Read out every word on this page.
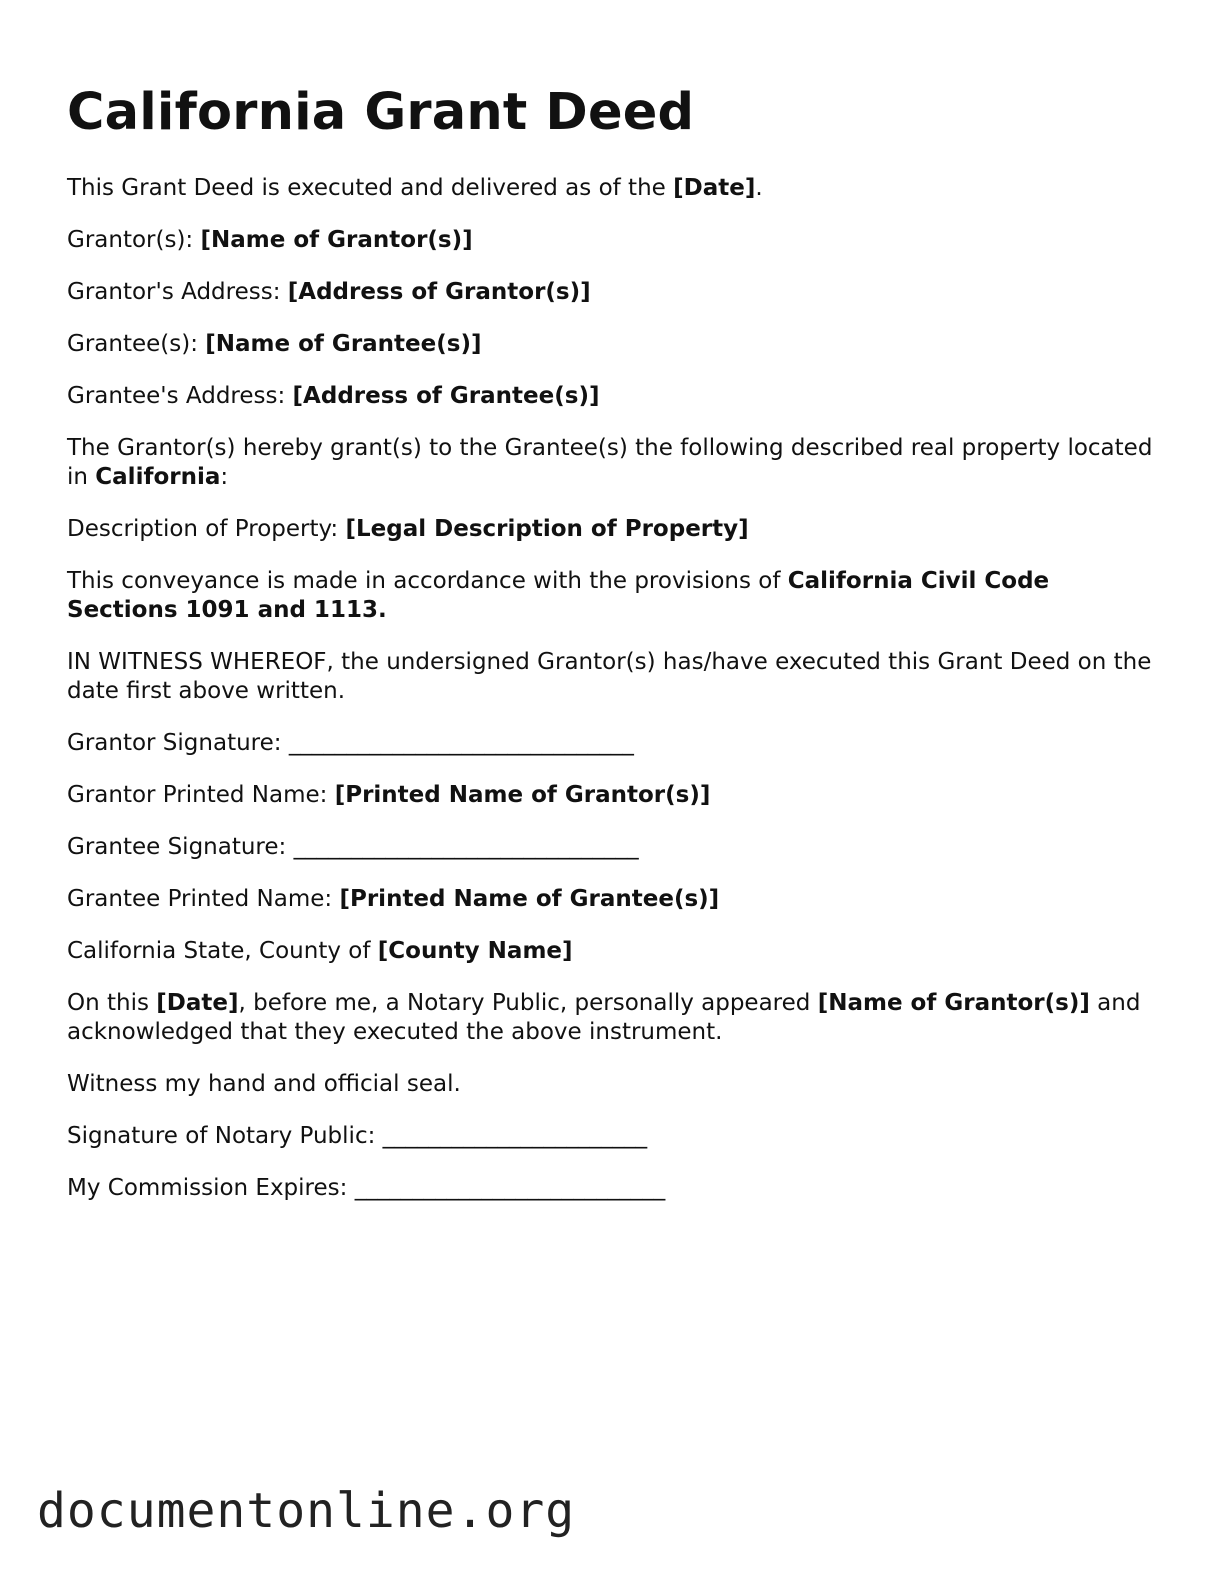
California Grant Deed

This Grant Deed is executed and delivered as of the [Date].

Grantor(s): [Name of Grantor(s)]

Grantor's Address: [Address of Grantor(s)]

Grantee(s): [Name of Grantee(s)]

Grantee's Address: [Address of Grantee(s)]

The Grantor(s) hereby grant(s) to the Grantee(s) the following described real property located in California:

Description of Property: [Legal Description of Property]

This conveyance is made in accordance with the provisions of California Civil Code Sections 1091 and 1113.

IN WITNESS WHEREOF, the undersigned Grantor(s) has/have executed this Grant Deed on the date first above written.

Grantor Signature: ______________________________

Grantor Printed Name: [Printed Name of Grantor(s)]

Grantee Signature: ______________________________

Grantee Printed Name: [Printed Name of Grantee(s)]

California State, County of [County Name]

On this [Date], before me, a Notary Public, personally appeared [Name of Grantor(s)] and acknowledged that they executed the above instrument.

Witness my hand and official seal.

Signature of Notary Public: _______________________

My Commission Expires: ___________________________

documentonline.org
